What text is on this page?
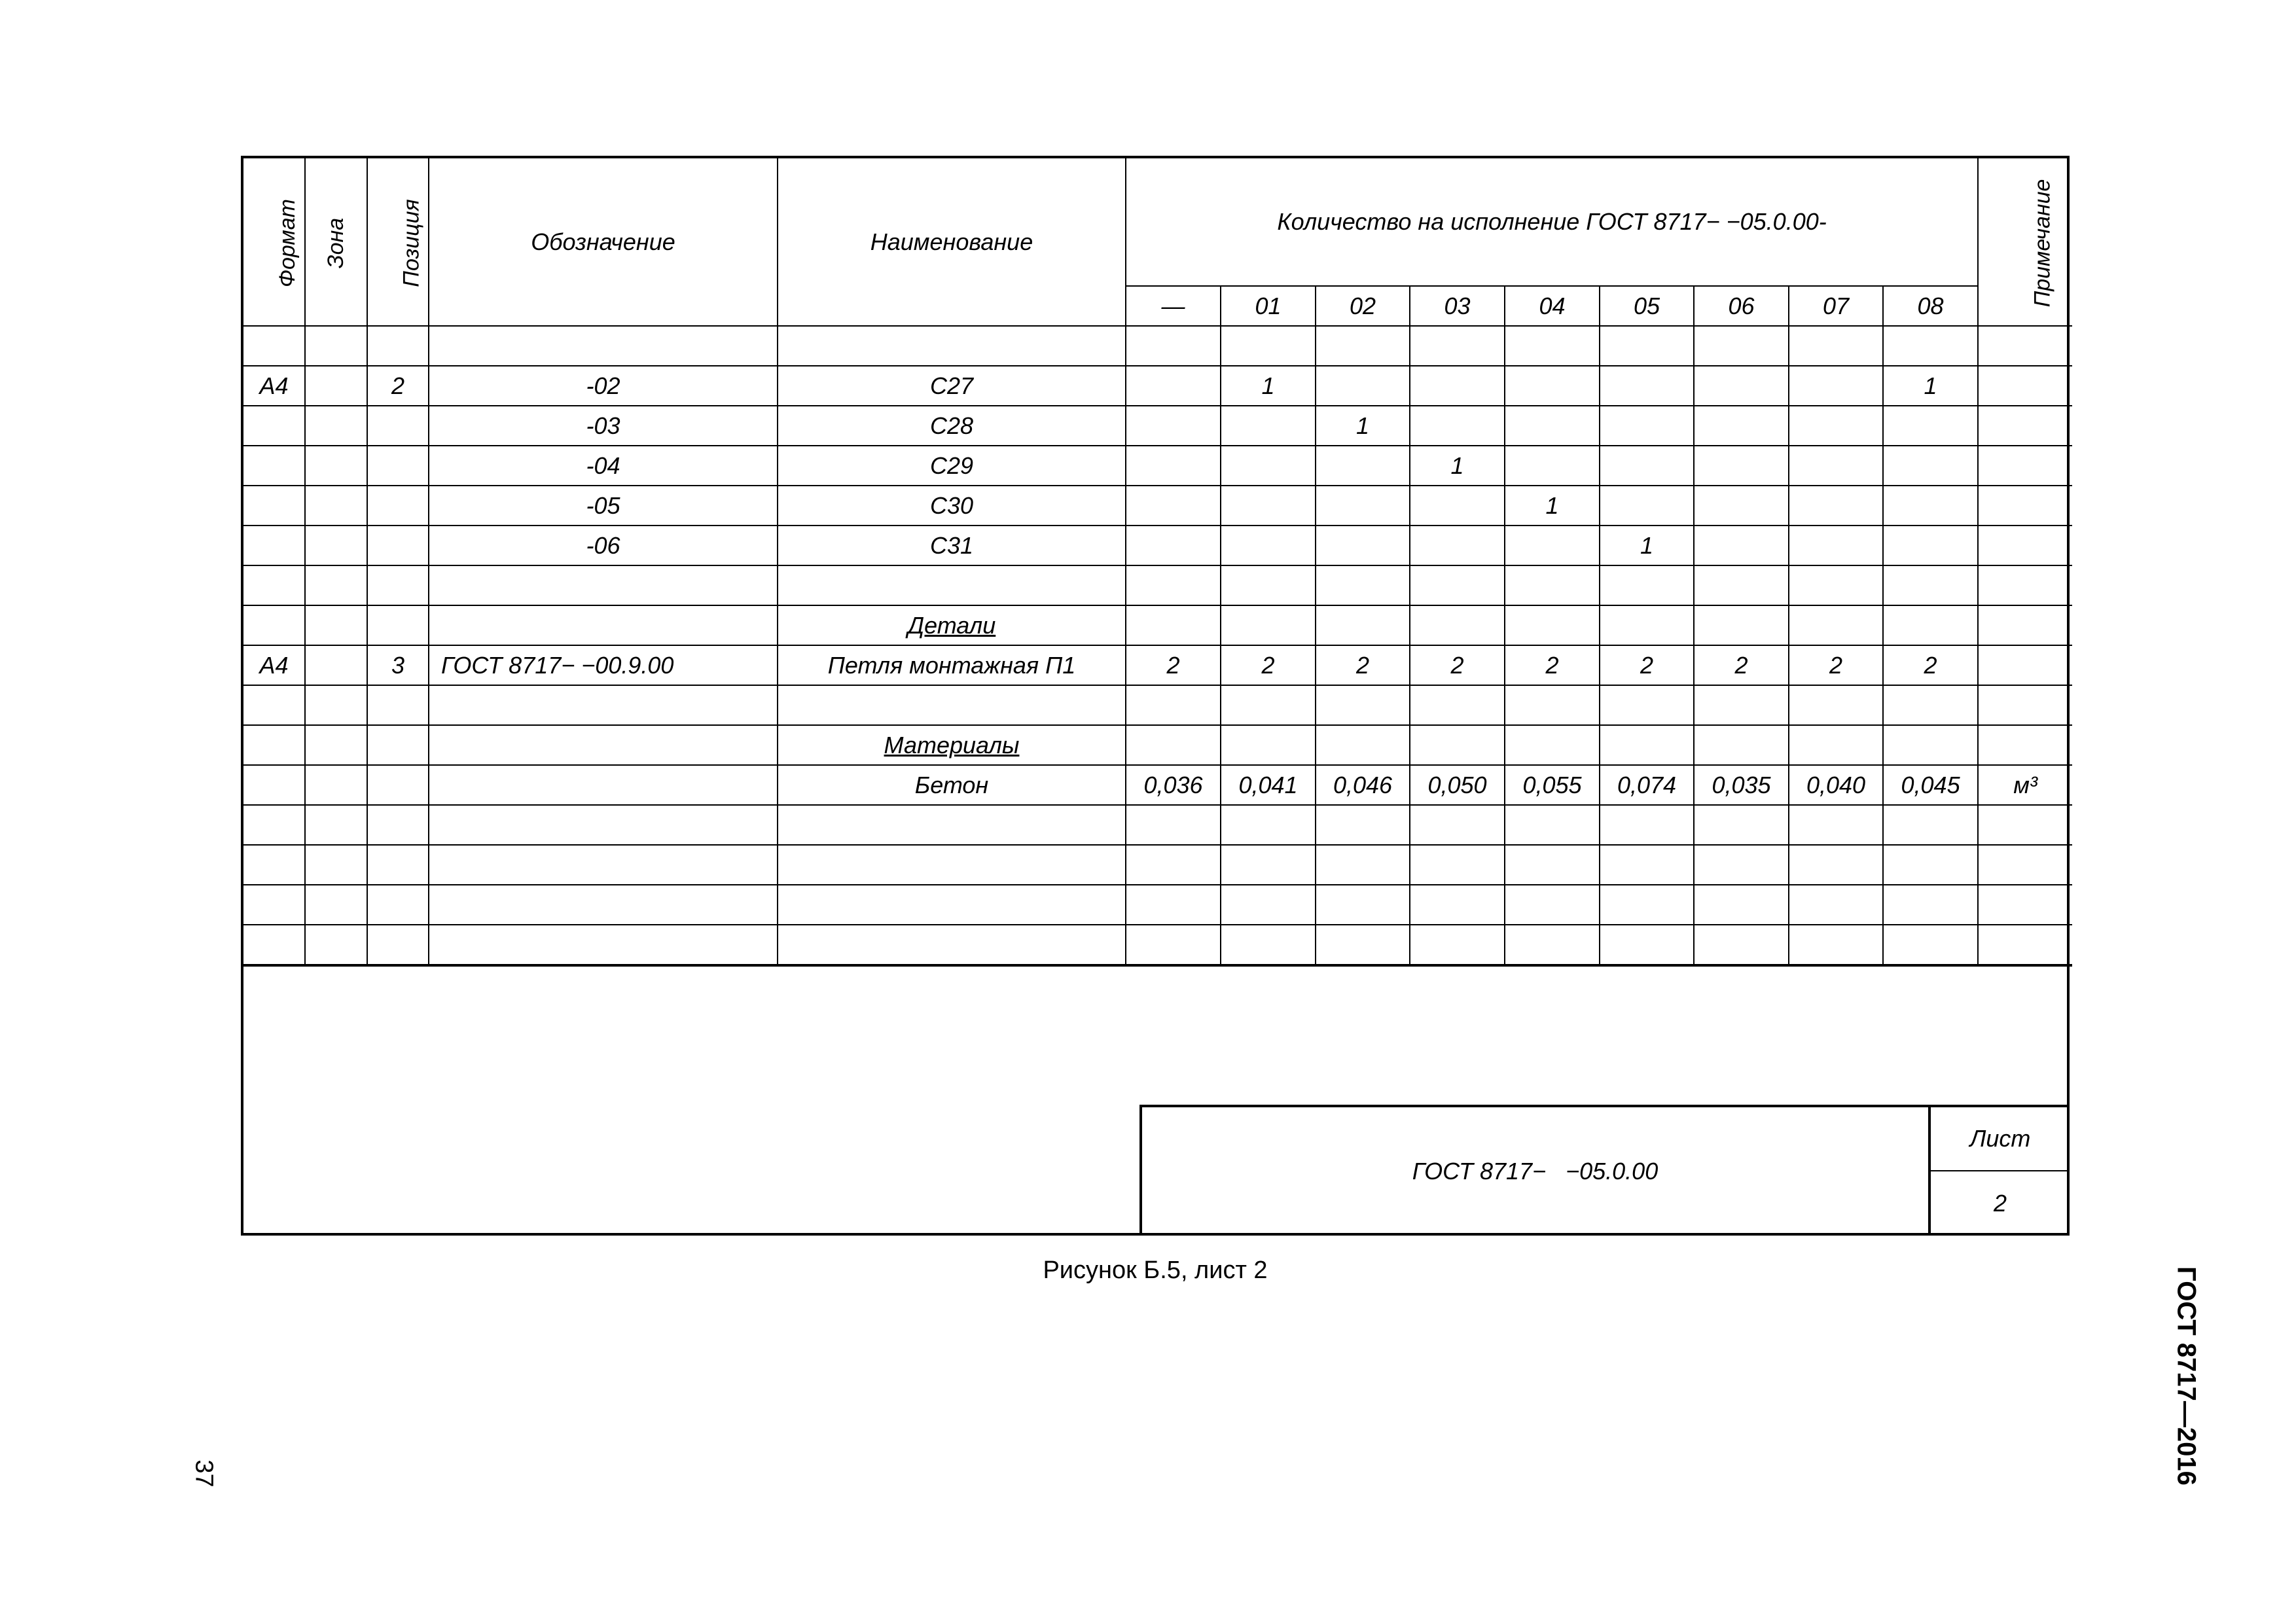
Формат	Зона	Позиция	Обозначение	Наименование	Количество на исполнение ГОСТ 8717− −05.0.00-									Примечание
					—	01	02	03	04	05	06	07	08	

А4		2	-02	С27		1							1	
			-03	С28			1							
			-04	С29				1						
			-05	С30					1					
			-06	С31						1				

				Детали										
А4		3	ГОСТ 8717− −00.9.00	Петля монтажная П1	2	2	2	2	2	2	2	2	2	

				Материалы										
				Бетон	0,036	0,041	0,046	0,050	0,055	0,074	0,035	0,040	0,045	м³

ГОСТ 8717−   −05.0.00
Лист
2
Рисунок Б.5, лист 2
37	ГОСТ 8717—2016
